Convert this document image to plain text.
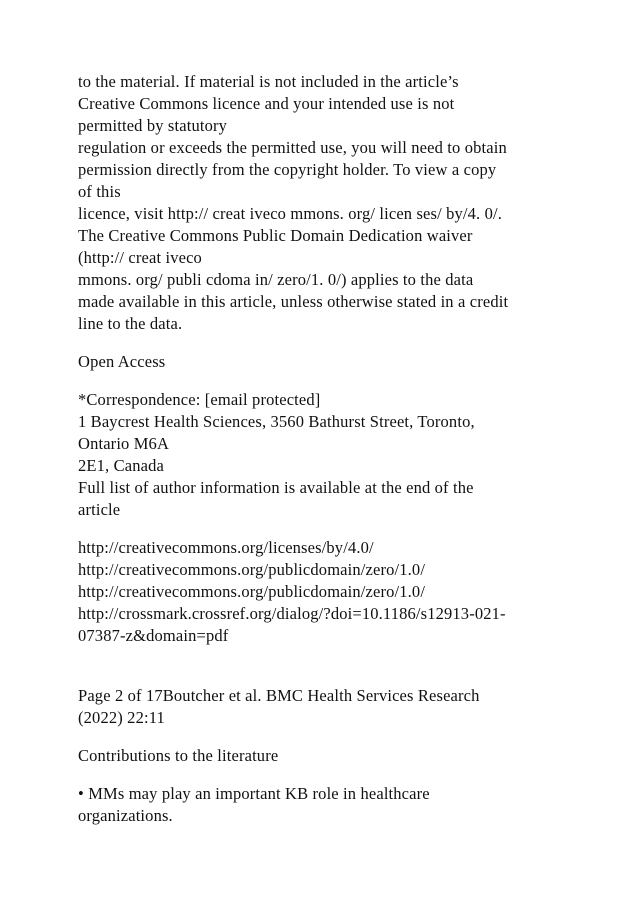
to the material. If material is not included in the article’s
Creative Commons licence and your intended use is not
permitted by statutory
regulation or exceeds the permitted use, you will need to obtain
permission directly from the copyright holder. To view a copy
of this
licence, visit http:// creat iveco mmons. org/ licen ses/ by/4. 0/.
The Creative Commons Public Domain Dedication waiver
(http:// creat iveco
mmons. org/ publi cdoma in/ zero/1. 0/) applies to the data
made available in this article, unless otherwise stated in a credit
line to the data.
Open Access
*Correspondence: [email protected]
1 Baycrest Health Sciences, 3560 Bathurst Street, Toronto,
Ontario M6A
2E1, Canada
Full list of author information is available at the end of the
article
http://creativecommons.org/licenses/by/4.0/
http://creativecommons.org/publicdomain/zero/1.0/
http://creativecommons.org/publicdomain/zero/1.0/
http://crossmark.crossref.org/dialog/?doi=10.1186/s12913-021-
07387-z&domain=pdf
Page 2 of 17Boutcher et al. BMC Health Services Research
(2022) 22:11
Contributions to the literature
• MMs may play an important KB role in healthcare
organizations.
